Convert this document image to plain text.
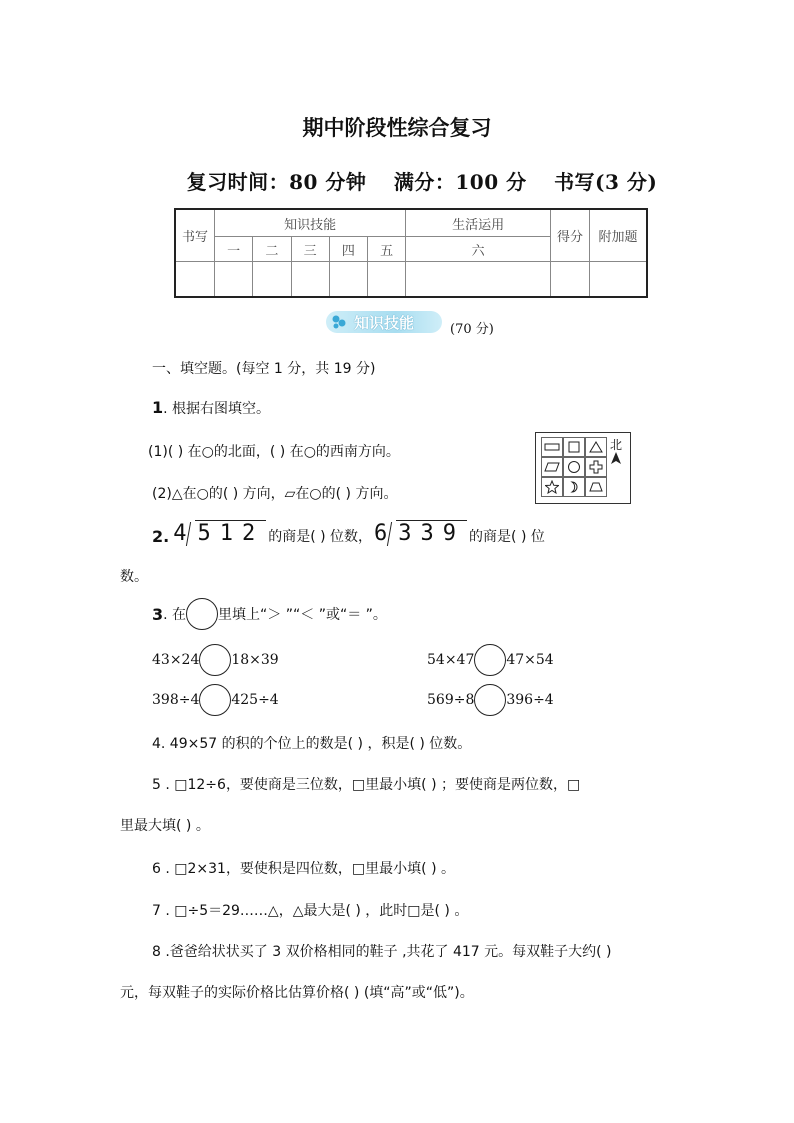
期中阶段性综合复习
复习时间：80 分钟 满分：100 分 书写(3 分)
书写	知识技能					生活运用	得分	附加题
	一	二	三	四	五	六		

知识技能	(70 分)
一、填空题。(每空 1 分，共 19 分)
1. 根据右图填空。
(1)( ) 在○的北面，( ) 在○的西南方向。
(2)△在○的( ) 方向，▱在○的( ) 方向。
北
2. 4 512 的商是( ) 位数， 6 339 的商是( ) 位
数。
3 . 在 里填上“＞ ”“＜ ”或“＝ ”。
43×24 18×39	54×47 47×54
398÷4 425÷4	569÷8 396÷4
4. 49×57 的积的个位上的数是( ) ，积是( ) 位数。
5 . □12÷6，要使商是三位数，□里最小填( ) ；要使商是两位数，□
里最大填( ) 。
6 . □2×31，要使积是四位数，□里最小填( ) 。
7 . □÷5＝29……△，△最大是( ) ，此时□是( ) 。
8 .爸爸给状状买了 3 双价格相同的鞋子 ,共花了 417 元。每双鞋子大约( )
元，每双鞋子的实际价格比估算价格( ) (填“高”或“低”)。
